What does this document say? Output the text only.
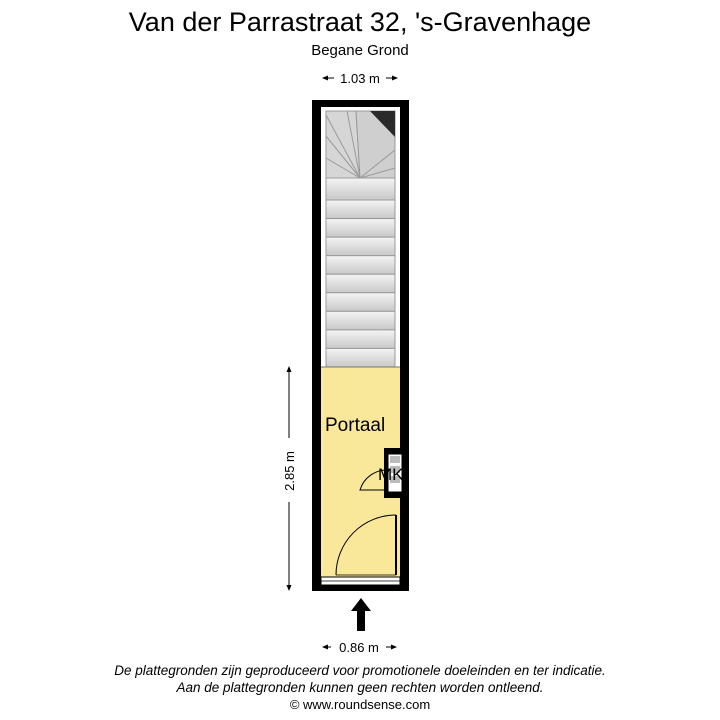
Van der Parrastraat 32, 's-Gravenhage
Begane Grond
1.03 m
2.85 m	MK
Portaal
0.86 m
De plattegronden zijn geproduceerd voor promotionele doeleinden en ter indicatie.
Aan de plattegronden kunnen geen rechten worden ontleend.
© www.roundsense.com
